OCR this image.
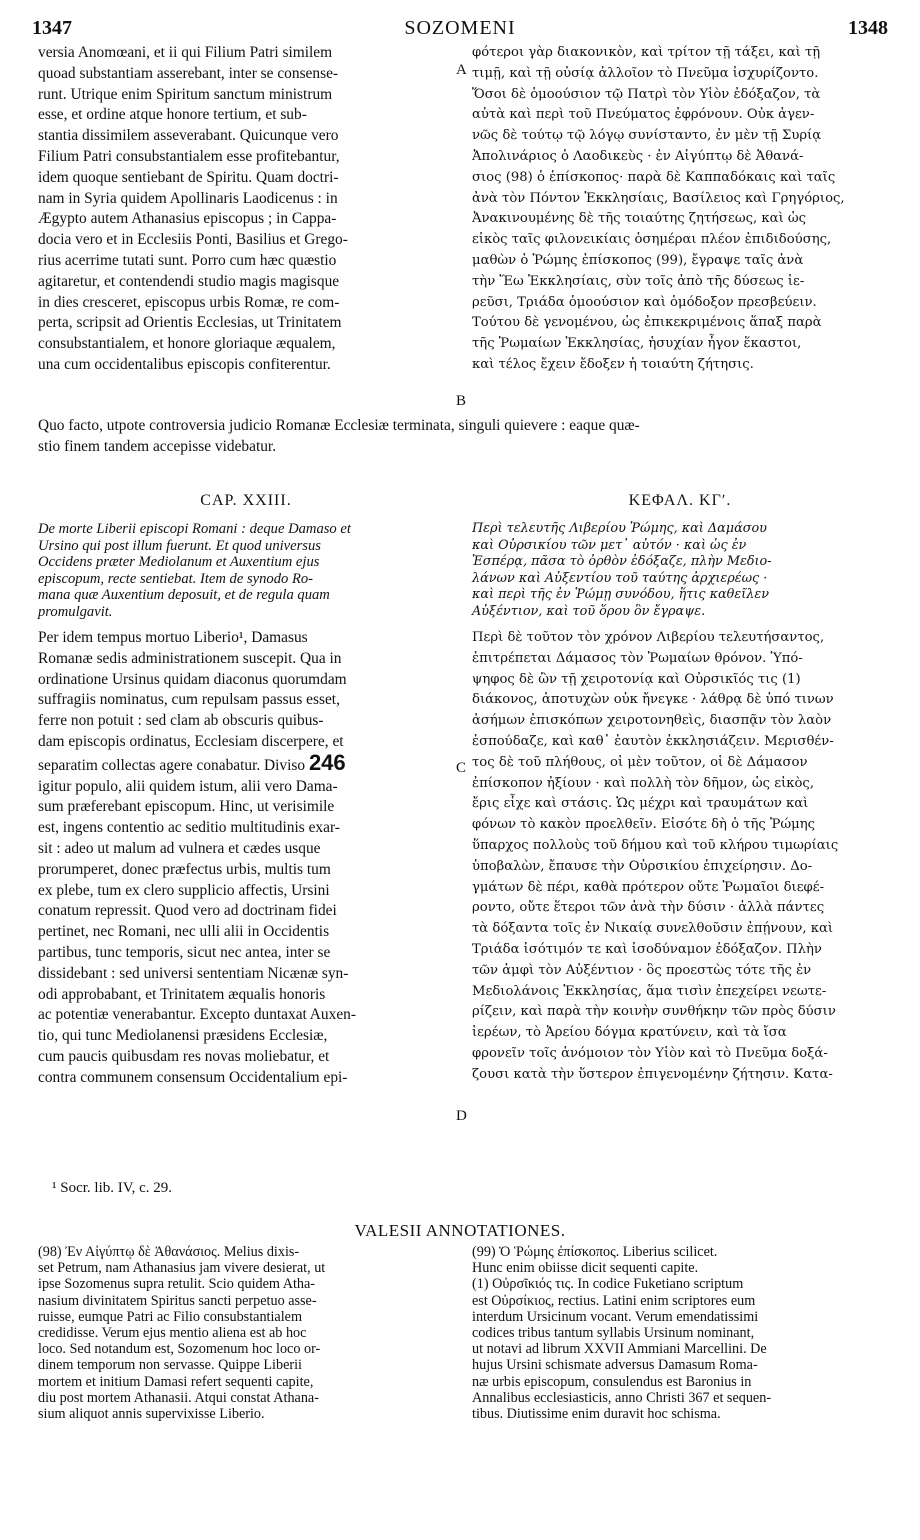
1347	SOZOMENI	1348
versia Anomœani, et ii qui Filium Patri similem
quoad substantiam asserebant, inter se consense-
runt. Utrique enim Spiritum sanctum ministrum
esse, et ordine atque honore tertium, et sub-
stantia dissimilem asseverabant. Quicunque vero
Filium Patri consubstantialem esse profitebantur,
idem quoque sentiebant de Spiritu. Quam doctri-
nam in Syria quidem Apollinaris Laodicenus : in
Ægypto autem Athanasius episcopus ; in Cappa-
docia vero et in Ecclesiis Ponti, Basilius et Grego-
rius acerrime tutati sunt. Porro cum hæc quæstio
agitaretur, et contendendi studio magis magisque
in dies cresceret, episcopus urbis Romæ, re com-
perta, scripsit ad Orientis Ecclesias, ut Trinitatem
consubstantialem, et honore gloriaque æqualem,
una cum occidentalibus episcopis confiterentur.
φότεροι γὰρ διακονικὸν, καὶ τρίτον τῇ τάξει, καὶ τῇ
τιμῇ, καὶ τῇ οὐσίᾳ ἀλλοῖον τὸ Πνεῦμα ἰσχυρίζοντο.
Ὅσοι δὲ ὁμοούσιον τῷ Πατρὶ τὸν Υἱὸν ἐδόξαζον, τὰ
αὐτὰ καὶ περὶ τοῦ Πνεύματος ἐφρόνουν. Οὐκ ἀγεν-
νῶς δὲ τούτῳ τῷ λόγῳ συνίσταντο, ἐν μὲν τῇ Συρίᾳ
Ἀπολινάριος ὁ Λαοδικεὺς · ἐν Αἰγύπτῳ δὲ Ἀθανά-
σιος (98) ὁ ἐπίσκοπος· παρὰ δὲ Καππαδόκαις καὶ ταῖς
ἀνὰ τὸν Πόντον Ἐκκλησίαις, Βασίλειος καὶ Γρηγόριος,
Ἀνακινουμένης δὲ τῆς τοιαύτης ζητήσεως, καὶ ὡς
εἰκὸς ταῖς φιλονεικίαις ὁσημέραι πλέον ἐπιδιδούσης,
μαθὼν ὁ Ῥώμης ἐπίσκοπος (99), ἔγραψε ταῖς ἀνὰ
τὴν Ἕω Ἐκκλησίαις, σὺν τοῖς ἀπὸ τῆς δύσεως ἱε-
ρεῦσι, Τριάδα ὁμοούσιον καὶ ὁμόδοξον πρεσβεύειν.
Τούτου δὲ γενομένου, ὡς ἐπικεκριμένοις ἅπαξ παρὰ
τῆς Ῥωμαίων Ἐκκλησίας, ἡσυχίαν ἦγον ἕκαστοι,
καὶ τέλος ἔχειν ἔδοξεν ἡ τοιαύτη ζήτησις.
A
B
Quo facto, utpote controversia judicio Romanæ Ecclesiæ terminata, singuli quievere : eaque quæ-
stio finem tandem accepisse videbatur.
CAP. XXIII.	ΚΕΦΑΛ. ΚΓʹ.
De morte Liberii episcopi Romani : deque Damaso et
Ursino qui post illum fuerunt. Et quod universus
Occidens præter Mediolanum et Auxentium ejus
episcopum, recte sentiebat. Item de synodo Ro-
mana quæ Auxentium deposuit, et de regula quam
promulgavit.
Περὶ τελευτῆς Λιβερίου Ῥώμης, καὶ Δαμάσου
καὶ Οὐρσικίου τῶν μετ᾽ αὐτόν · καὶ ὡς ἐν
Ἑσπέρᾳ, πᾶσα τὸ ὀρθὸν ἐδόξαζε, πλὴν Μεδιο-
λάνων καὶ Αὐξεντίου τοῦ ταύτης ἀρχιερέως ·
καὶ περὶ τῆς ἐν Ῥώμῃ συνόδου, ἥτις καθεῖλεν
Αὐξέντιον, καὶ τοῦ ὅρου ὃν ἔγραψε.
Per idem tempus mortuo Liberio¹, Damasus
Romanæ sedis administrationem suscepit. Qua in
ordinatione Ursinus quidam diaconus quorumdam
suffragiis nominatus, cum repulsam passus esset,
ferre non potuit : sed clam ab obscuris quibus-
dam episcopis ordinatus, Ecclesiam discerpere, et
separatim collectas agere conabatur. Diviso 246
igitur populo, alii quidem istum, alii vero Dama-
sum præferebant episcopum. Hinc, ut verisimile
est, ingens contentio ac seditio multitudinis exar-
sit : adeo ut malum ad vulnera et cædes usque
prorumperet, donec præfectus urbis, multis tum
ex plebe, tum ex clero supplicio affectis, Ursini
conatum repressit. Quod vero ad doctrinam fidei
pertinet, nec Romani, nec ulli alii in Occidentis
partibus, tunc temporis, sicut nec antea, inter se
dissidebant : sed universi sententiam Nicænæ syn-
odi approbabant, et Trinitatem æqualis honoris
ac potentiæ venerabantur. Excepto duntaxat Auxen-
tio, qui tunc Mediolanensi præsidens Ecclesiæ,
cum paucis quibusdam res novas moliebatur, et
contra communem consensum Occidentalium epi-
Περὶ δὲ τοῦτον τὸν χρόνον Λιβερίου τελευτήσαντος,
ἐπιτρέπεται Δάμασος τὸν Ῥωμαίων θρόνον. Ὑπό-
ψηφος δὲ ὢν τῇ χειροτονίᾳ καὶ Οὐρσικῖός τις (1)
διάκονος, ἀποτυχὼν οὐκ ἤνεγκε · λάθρᾳ δὲ ὑπό τινων
ἀσήμων ἐπισκόπων χειροτονηθεὶς, διασπᾷν τὸν λαὸν
ἐσπούδαζε, καὶ καθ᾽ ἑαυτὸν ἐκκλησιάζειν. Μερισθέν-
τος δὲ τοῦ πλήθους, οἱ μὲν τοῦτον, οἱ δὲ Δάμασον
ἐπίσκοπον ἠξίουν · καὶ πολλὴ τὸν δῆμον, ὡς εἰκὸς,
ἔρις εἶχε καὶ στάσις. Ὡς μέχρι καὶ τραυμάτων καὶ
φόνων τὸ κακὸν προελθεῖν. Εἰσότε δὴ ὁ τῆς Ῥώμης
ὕπαρχος πολλοὺς τοῦ δήμου καὶ τοῦ κλήρου τιμωρίαις
ὑποβαλὼν, ἔπαυσε τὴν Οὐρσικίου ἐπιχείρησιν. Δο-
γμάτων δὲ πέρι, καθὰ πρότερον οὔτε Ῥωμαῖοι διεφέ-
ροντο, οὔτε ἕτεροι τῶν ἀνὰ τὴν δύσιν · ἀλλὰ πάντες
τὰ δόξαντα τοῖς ἐν Νικαίᾳ συνελθοῦσιν ἐπῄνουν, καὶ
Τριάδα ἰσότιμόν τε καὶ ἰσοδύναμον ἐδόξαζον. Πλὴν
τῶν ἀμφὶ τὸν Αὐξέντιον · ὃς προεστὼς τότε τῆς ἐν
Μεδιολάνοις Ἐκκλησίας, ἅμα τισὶν ἐπεχείρει νεωτε-
ρίζειν, καὶ παρὰ τὴν κοινὴν συνθήκην τῶν πρὸς δύσιν
ἱερέων, τὸ Ἀρείου δόγμα κρατύνειν, καὶ τὰ ἴσα
φρονεῖν τοῖς ἀνόμοιον τὸν Υἱὸν καὶ τὸ Πνεῦμα δοξά-
ζουσι κατὰ τὴν ὕστερον ἐπιγενομένην ζήτησιν. Κατα-
C
D
¹ Socr. lib. IV, c. 29.
VALESII ANNOTATIONES.
(98) Ἐν Αἰγύπτῳ δὲ Ἀθανάσιος. Melius dixis-
set Petrum, nam Athanasius jam vivere desierat, ut
ipse Sozomenus supra retulit. Scio quidem Atha-
nasium divinitatem Spiritus sancti perpetuo asse-
ruisse, eumque Patri ac Filio consubstantialem
credidisse. Verum ejus mentio aliena est ab hoc
loco. Sed notandum est, Sozomenum hoc loco or-
dinem temporum non servasse. Quippe Liberii
mortem et initium Damasi refert sequenti capite,
diu post mortem Athanasii. Atqui constat Athana-
sium aliquot annis supervixisse Liberio.
(99) Ὁ Ῥώμης ἐπίσκοπος. Liberius scilicet.
Hunc enim obiisse dicit sequenti capite.
(1) Οὐρσῖκιός τις. In codice Fuketiano scriptum
est Οὐρσίκιος, rectius. Latini enim scriptores eum
interdum Ursicinum vocant. Verum emendatissimi
codices tribus tantum syllabis Ursinum nominant,
ut notavi ad librum XXVII Ammiani Marcellini. De
hujus Ursini schismate adversus Damasum Roma-
næ urbis episcopum, consulendus est Baronius in
Annalibus ecclesiasticis, anno Christi 367 et sequen-
tibus. Diutissime enim duravit hoc schisma.
